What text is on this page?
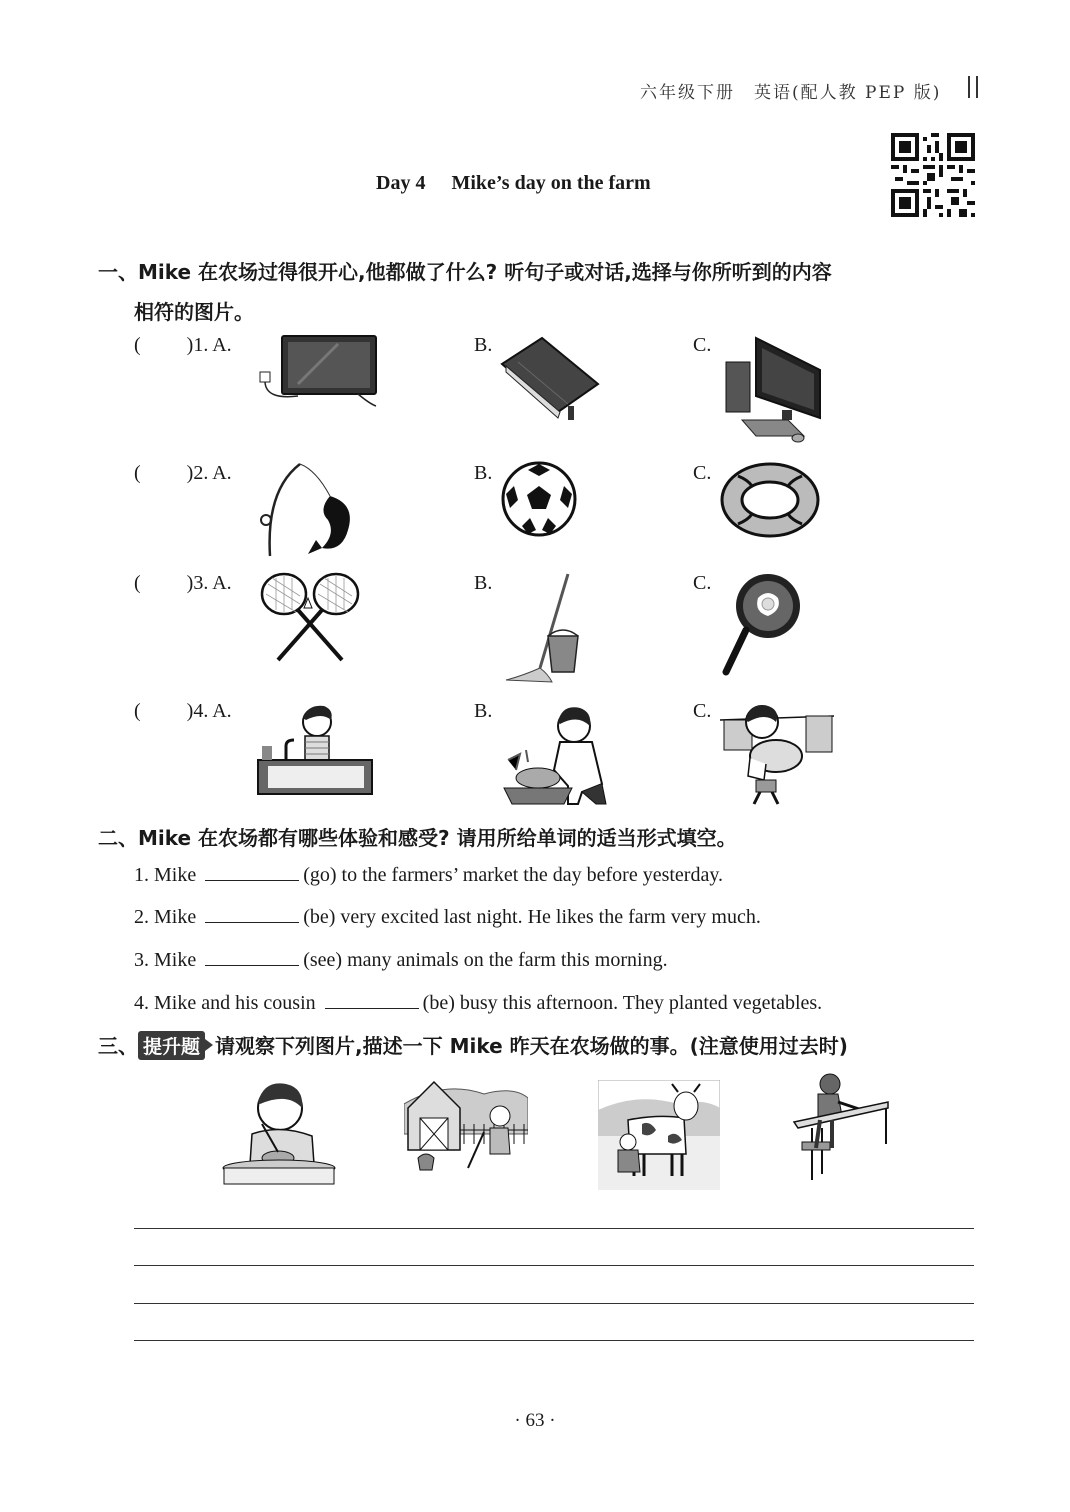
六年级下册　英语(配人教 PEP 版)
Day 4 Mike’s day on the farm
一、Mike 在农场过得很开心,他都做了什么? 听句子或对话,选择与你所听到的内容
相符的图片。
( )1. A.	B.	C.
( )2. A.	B.	C.
( )3. A.	B.	C.
( )4. A.	B.	C.
二、Mike 在农场都有哪些体验和感受? 请用所给单词的适当形式填空。
1. Mike	(go) to the farmers’ market the day before yesterday.
2. Mike	(be) very excited last night. He likes the farm very much.
3. Mike	(see) many animals on the farm this morning.
4. Mike and his cousin	(be) busy this afternoon. They planted vegetables.
三、 提升题 请观察下列图片,描述一下 Mike 昨天在农场做的事。(注意使用过去时)
· 63 ·
